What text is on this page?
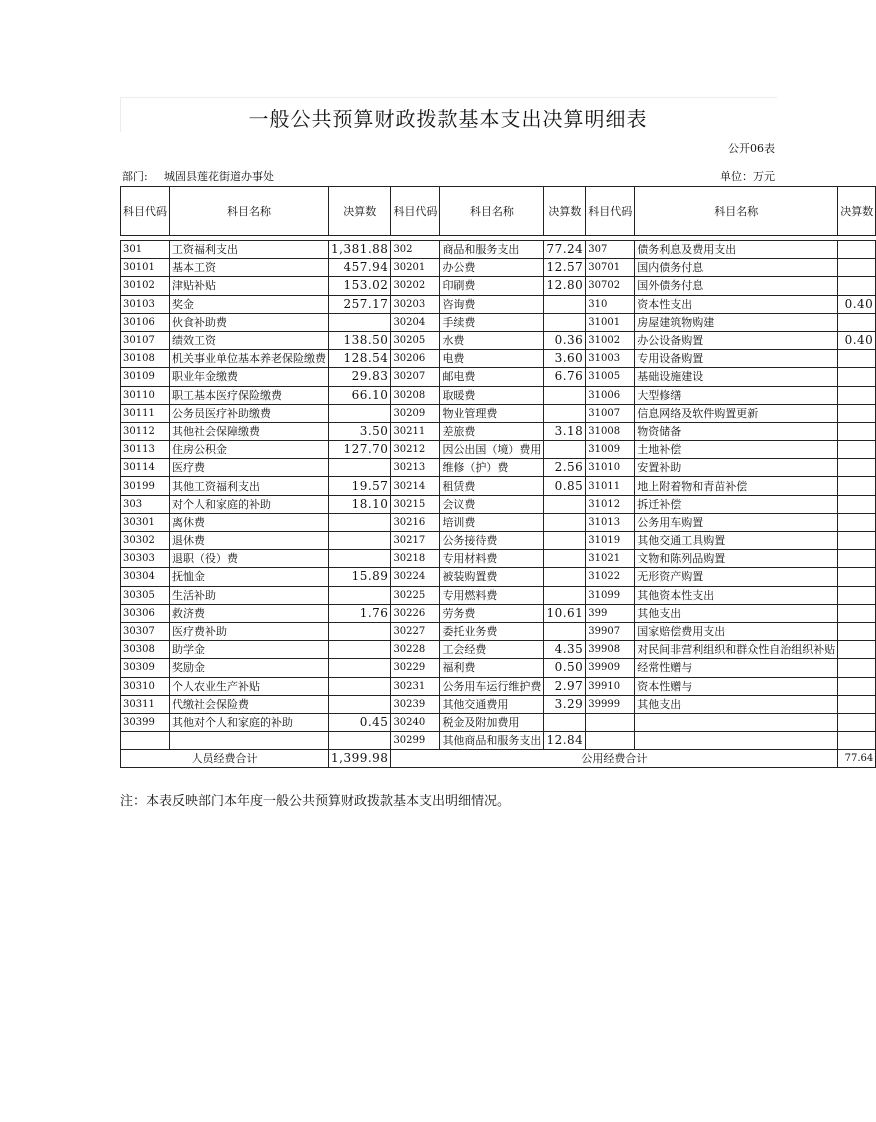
一般公共预算财政拨款基本支出决算明细表
公开06表
部门: 城固县莲花街道办事处	单位：万元
科目代码	科目名称	决算数	科目代码	科目名称	决算数	科目代码	科目名称	决算数

301	工资福利支出	1,381.88	302	商品和服务支出	77.24	307	债务利息及费用支出	
30101	基本工资	457.94	30201	办公费	12.57	30701	国内债务付息	
30102	津贴补贴	153.02	30202	印刷费	12.80	30702	国外债务付息	
30103	奖金	257.17	30203	咨询费		310	资本性支出	0.40
30106	伙食补助费		30204	手续费		31001	房屋建筑物购建	
30107	绩效工资	138.50	30205	水费	0.36	31002	办公设备购置	0.40
30108	机关事业单位基本养老保险缴费	128.54	30206	电费	3.60	31003	专用设备购置	
30109	职业年金缴费	29.83	30207	邮电费	6.76	31005	基础设施建设	
30110	职工基本医疗保险缴费	66.10	30208	取暖费		31006	大型修缮	
30111	公务员医疗补助缴费		30209	物业管理费		31007	信息网络及软件购置更新	
30112	其他社会保障缴费	3.50	30211	差旅费	3.18	31008	物资储备	
30113	住房公积金	127.70	30212	因公出国（境）费用		31009	土地补偿	
30114	医疗费		30213	维修（护）费	2.56	31010	安置补助	
30199	其他工资福利支出	19.57	30214	租赁费	0.85	31011	地上附着物和青苗补偿	
303	对个人和家庭的补助	18.10	30215	会议费		31012	拆迁补偿	
30301	离休费		30216	培训费		31013	公务用车购置	
30302	退休费		30217	公务接待费		31019	其他交通工具购置	
30303	退职（役）费		30218	专用材料费		31021	文物和陈列品购置	
30304	抚恤金	15.89	30224	被装购置费		31022	无形资产购置	
30305	生活补助		30225	专用燃料费		31099	其他资本性支出	
30306	救济费	1.76	30226	劳务费	10.61	399	其他支出	
30307	医疗费补助		30227	委托业务费		39907	国家赔偿费用支出	
30308	助学金		30228	工会经费	4.35	39908	对民间非营利组织和群众性自治组织补贴	
30309	奖励金		30229	福利费	0.50	39909	经常性赠与	
30310	个人农业生产补贴		30231	公务用车运行维护费	2.97	39910	资本性赠与	
30311	代缴社会保险费		30239	其他交通费用	3.29	39999	其他支出	
30399	其他对个人和家庭的补助	0.45	30240	税金及附加费用				
			30299	其他商品和服务支出	12.84			
人员经费合计		1,399.98	公用经费合计					77.64
注：本表反映部门本年度一般公共预算财政拨款基本支出明细情况。
